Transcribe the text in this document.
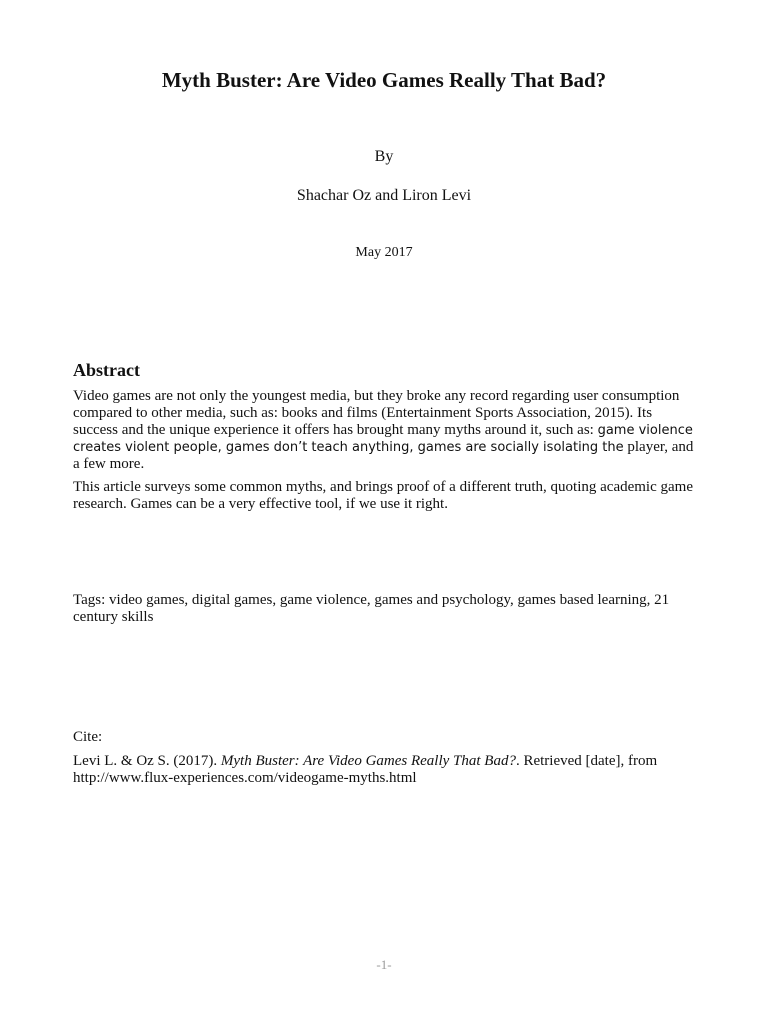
Myth Buster: Are Video Games Really That Bad?
By
Shachar Oz and Liron Levi
May 2017
Abstract
Video games are not only the youngest media, but they broke any record regarding user consumption compared to other media, such as: books and films (Entertainment Sports Association, 2015). Its success and the unique experience it offers has brought many myths around it, such as: game violence creates violent people, games don’t teach anything, games are socially isolating the player, and a few more.
This article surveys some common myths, and brings proof of a different truth, quoting academic game research. Games can be a very effective tool, if we use it right.
Tags: video games, digital games, game violence, games and psychology, games based learning, 21 century skills
Cite:
Levi L. & Oz S. (2017). Myth Buster: Are Video Games Really That Bad?. Retrieved [date], from http://www.flux-experiences.com/videogame-myths.html
-1-
